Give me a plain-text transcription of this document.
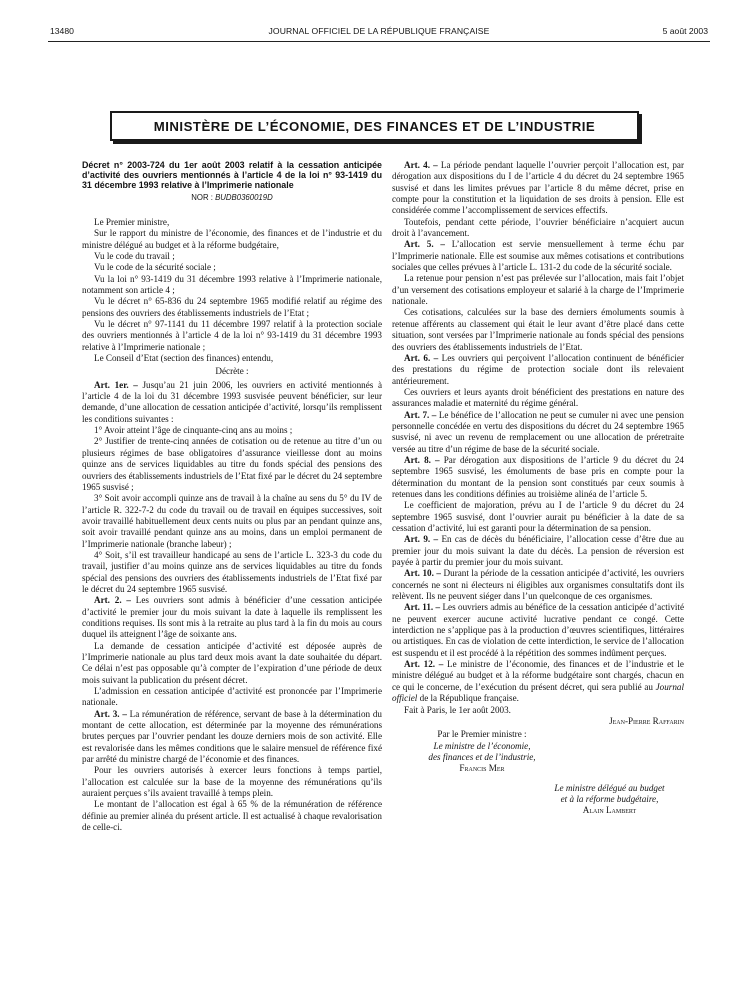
13480	JOURNAL OFFICIEL DE LA RÉPUBLIQUE FRANÇAISE	5 août 2003
MINISTÈRE DE L’ÉCONOMIE, DES FINANCES ET DE L’INDUSTRIE
Décret n° 2003-724 du 1er août 2003 relatif à la cessation anticipée d’activité des ouvriers mentionnés à l’article 4 de la loi n° 93-1419 du 31 décembre 1993 relative à l’Imprimerie nationale
NOR : BUDB0360019D

Le Premier ministre,

Sur le rapport du ministre de l’économie, des finances et de l’industrie et du ministre délégué au budget et à la réforme budgétaire,

Vu le code du travail ;

Vu le code de la sécurité sociale ;

Vu la loi n° 93-1419 du 31 décembre 1993 relative à l’Imprimerie nationale, notamment son article 4 ;

Vu le décret n° 65-836 du 24 septembre 1965 modifié relatif au régime des pensions des ouvriers des établissements industriels de l’Etat ;

Vu le décret n° 97-1141 du 11 décembre 1997 relatif à la protection sociale des ouvriers mentionnés à l’article 4 de la loi n° 93-1419 du 31 décembre 1993 relative à l’Imprimerie nationale ;

Le Conseil d’Etat (section des finances) entendu,

Décrète :

Art. 1er. – Jusqu’au 21 juin 2006, les ouvriers en activité mentionnés à l’article 4 de la loi du 31 décembre 1993 susvisée peuvent bénéficier, sur leur demande, d’une allocation de cessation anticipée d’activité, lorsqu’ils remplissent les conditions suivantes :

1° Avoir atteint l’âge de cinquante-cinq ans au moins ;

2° Justifier de trente-cinq années de cotisation ou de retenue au titre d’un ou plusieurs régimes de base obligatoires d’assurance vieillesse dont au moins quinze ans de services liquidables au titre du fonds spécial des pensions des ouvriers des établissements industriels de l’Etat fixé par le décret du 24 septembre 1965 susvisé ;

3° Soit avoir accompli quinze ans de travail à la chaîne au sens du 5° du IV de l’article R. 322-7-2 du code du travail ou de travail en équipes successives, soit avoir travaillé habituellement deux cents nuits ou plus par an pendant quinze ans, soit avoir travaillé pendant quinze ans au moins, dans un emploi permanent de l’Imprimerie nationale (branche labeur) ;

4° Soit, s’il est travailleur handicapé au sens de l’article L. 323-3 du code du travail, justifier d’au moins quinze ans de services liquidables au titre du fonds spécial des pensions des ouvriers des établissements industriels de l’Etat fixé par le décret du 24 septembre 1965 susvisé.

Art. 2. – Les ouvriers sont admis à bénéficier d’une cessation anticipée d’activité le premier jour du mois suivant la date à laquelle ils remplissent les conditions requises. Ils sont mis à la retraite au plus tard à la fin du mois au cours duquel ils atteignent l’âge de soixante ans.

La demande de cessation anticipée d’activité est déposée auprès de l’Imprimerie nationale au plus tard deux mois avant la date souhaitée du départ. Ce délai n’est pas opposable qu’à compter de l’expiration d’une période de deux mois suivant la publication du présent décret.

L’admission en cessation anticipée d’activité est prononcée par l’Imprimerie nationale.

Art. 3. – La rémunération de référence, servant de base à la détermination du montant de cette allocation, est déterminée par la moyenne des rémunérations brutes perçues par l’ouvrier pendant les douze derniers mois de son activité. Elle est revalorisée dans les mêmes conditions que le salaire mensuel de référence fixé par arrêté du ministre chargé de l’économie et des finances.

Pour les ouvriers autorisés à exercer leurs fonctions à temps partiel, l’allocation est calculée sur la base de la moyenne des rémunérations qu’ils auraient perçues s’ils avaient travaillé à temps plein.

Le montant de l’allocation est égal à 65 % de la rémunération de référence définie au premier alinéa du présent article. Il est actualisé à chaque revalorisation de celle-ci.

Art. 4. – La période pendant laquelle l’ouvrier perçoit l’allocation est, par dérogation aux dispositions du I de l’article 4 du décret du 24 septembre 1965 susvisé et dans les limites prévues par l’article 8 du même décret, prise en compte pour la constitution et la liquidation de ses droits à pension. Elle est considérée comme l’accomplissement de services effectifs.

Toutefois, pendant cette période, l’ouvrier bénéficiaire n’acquiert aucun droit à l’avancement.

Art. 5. – L’allocation est servie mensuellement à terme échu par l’Imprimerie nationale. Elle est soumise aux mêmes cotisations et contributions sociales que celles prévues à l’article L. 131-2 du code de la sécurité sociale.

La retenue pour pension n’est pas prélevée sur l’allocation, mais fait l’objet d’un versement des cotisations employeur et salarié à la charge de l’Imprimerie nationale.

Ces cotisations, calculées sur la base des derniers émoluments soumis à retenue afférents au classement qui était le leur avant d’être placé dans cette situation, sont versées par l’Imprimerie nationale au fonds spécial des pensions des ouvriers des établissements industriels de l’Etat.

Art. 6. – Les ouvriers qui perçoivent l’allocation continuent de bénéficier des prestations du régime de protection sociale dont ils relevaient antérieurement.

Ces ouvriers et leurs ayants droit bénéficient des prestations en nature des assurances maladie et maternité du régime général.

Art. 7. – Le bénéfice de l’allocation ne peut se cumuler ni avec une pension personnelle concédée en vertu des dispositions du décret du 24 septembre 1965 susvisé, ni avec un revenu de remplacement ou une allocation de préretraite versée au titre d’un régime de base de la sécurité sociale.

Art. 8. – Par dérogation aux dispositions de l’article 9 du décret du 24 septembre 1965 susvisé, les émoluments de base pris en compte pour la détermination du montant de la pension sont constitués par ceux soumis à retenues dans les conditions définies au troisième alinéa de l’article 5.

Le coefficient de majoration, prévu au I de l’article 9 du décret du 24 septembre 1965 susvisé, dont l’ouvrier aurait pu bénéficier à la date de sa cessation d’activité, lui est garanti pour la détermination de sa pension.

Art. 9. – En cas de décès du bénéficiaire, l’allocation cesse d’être due au premier jour du mois suivant la date du décès. La pension de réversion est payée à partir du premier jour du mois suivant.

Art. 10. – Durant la période de la cessation anticipée d’activité, les ouvriers concernés ne sont ni électeurs ni éligibles aux organismes consultatifs dont ils relèvent. Ils ne peuvent siéger dans l’un quelconque de ces organismes.

Art. 11. – Les ouvriers admis au bénéfice de la cessation anticipée d’activité ne peuvent exercer aucune activité lucrative pendant ce congé. Cette interdiction ne s’applique pas à la production d’œuvres scientifiques, littéraires ou artistiques. En cas de violation de cette interdiction, le service de l’allocation est suspendu et il est procédé à la répétition des sommes indûment perçues.

Art. 12. – Le ministre de l’économie, des finances et de l’industrie et le ministre délégué au budget et à la réforme budgétaire sont chargés, chacun en ce qui le concerne, de l’exécution du présent décret, qui sera publié au Journal officiel de la République française.

Fait à Paris, le 1er août 2003.

Jean-Pierre Raffarin

Par le Premier ministre :
Le ministre de l’économie,
des finances et de l’industrie,
Francis Mer
Le ministre délégué au budget
et à la réforme budgétaire,
Alain Lambert
